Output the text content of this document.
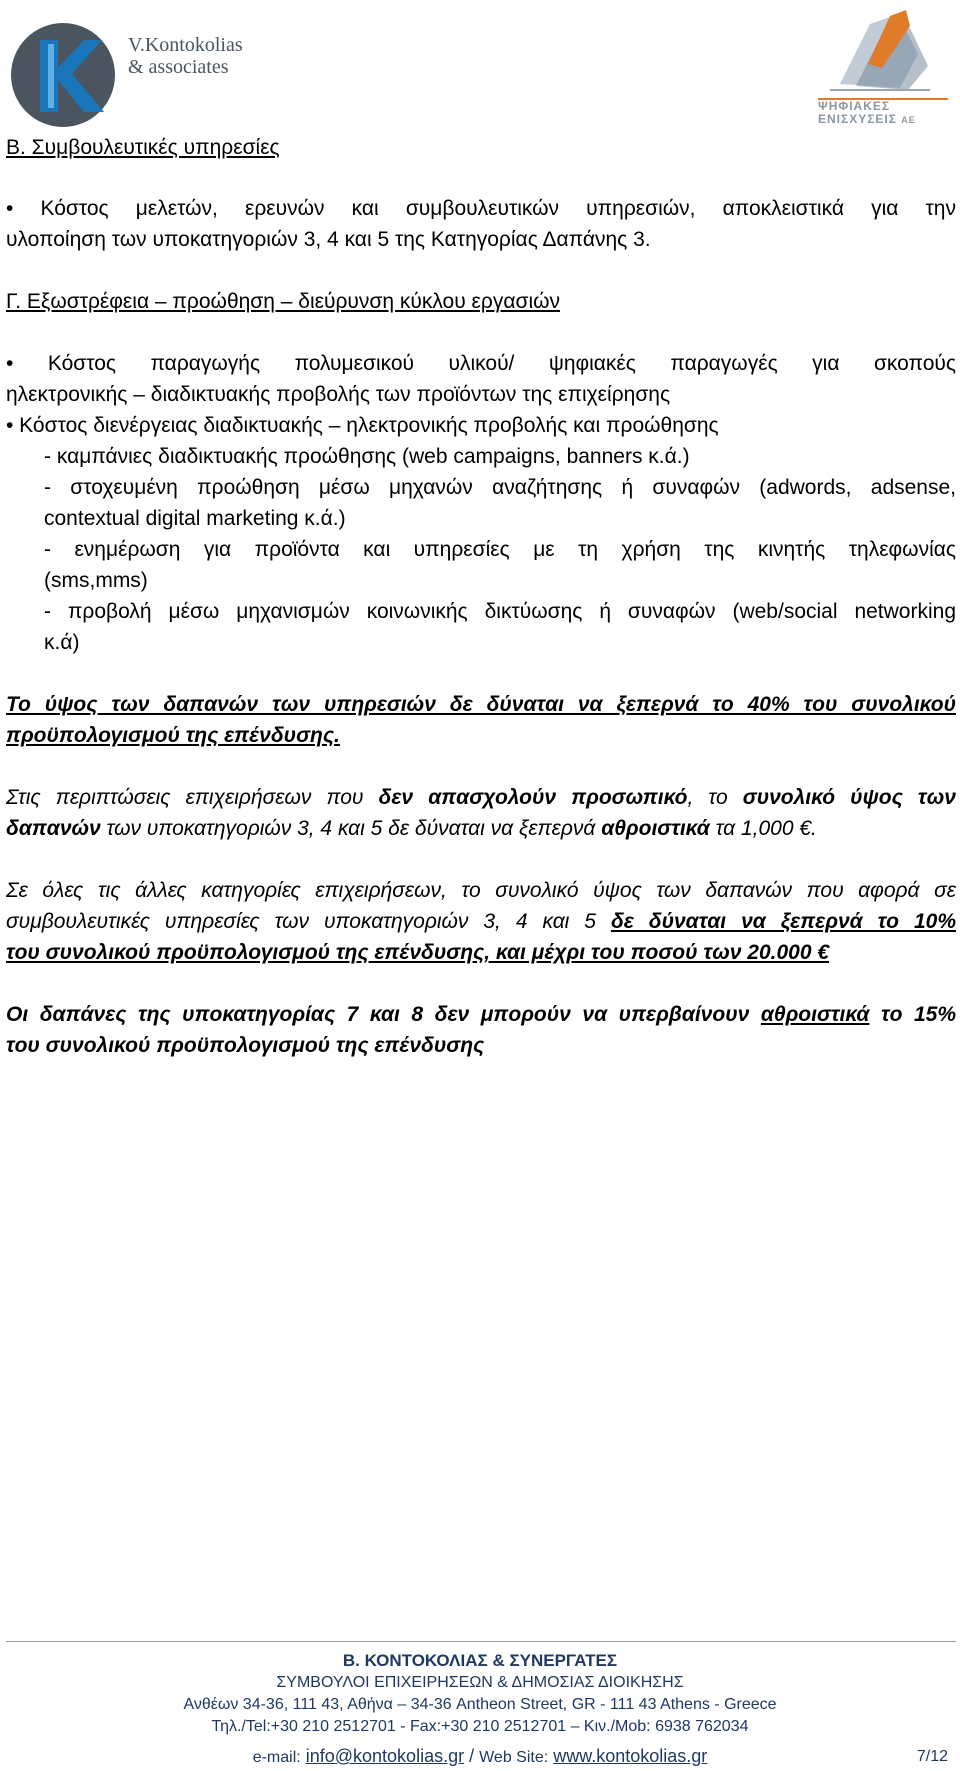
V.Kontokolias
& associates
ΨΗΦΙΑΚΕΣ ΕΝΙΣΧΥΣΕΙΣ ΑΕ
Β. Συμβουλευτικές υπηρεσίες
• Κόστος μελετών, ερευνών και συμβουλευτικών υπηρεσιών, αποκλειστικά για την
υλοποίηση των υποκατηγοριών 3, 4 και 5 της Κατηγορίας Δαπάνης 3.
Γ. Εξωστρέφεια – προώθηση – διεύρυνση κύκλου εργασιών
• Κόστος παραγωγής πολυμεσικού υλικού/ ψηφιακές παραγωγές για σκοπούς
ηλεκτρονικής – διαδικτυακής προβολής των προϊόντων της επιχείρησης
• Κόστος διενέργειας διαδικτυακής – ηλεκτρονικής προβολής και προώθησης
- καμπάνιες διαδικτυακής προώθησης (web campaigns, banners κ.ά.)
- στοχευμένη προώθηση μέσω μηχανών αναζήτησης ή συναφών (adwords, adsense,
contextual digital marketing κ.ά.)
- ενημέρωση για προϊόντα και υπηρεσίες με τη χρήση της κινητής τηλεφωνίας
(sms,mms)
- προβολή μέσω μηχανισμών κοινωνικής δικτύωσης ή συναφών (web/social networking
κ.ά)
Το ύψος των δαπανών των υπηρεσιών δε δύναται να ξεπερνά το 40% του συνολικού
προϋπολογισμού της επένδυσης.
Στις περιπτώσεις επιχειρήσεων που δεν απασχολούν προσωπικό, το συνολικό ύψος των
δαπανών των υποκατηγοριών 3, 4 και 5 δε δύναται να ξεπερνά αθροιστικά τα 1,000 €.
Σε όλες τις άλλες κατηγορίες επιχειρήσεων, το συνολικό ύψος των δαπανών που αφορά σε
συμβουλευτικές υπηρεσίες των υποκατηγοριών 3, 4 και 5 δε δύναται να ξεπερνά το 10%
του συνολικού προϋπολογισμού της επένδυσης, και μέχρι του ποσού των 20.000 €
Οι δαπάνες της υποκατηγορίας 7 και 8 δεν μπορούν να υπερβαίνουν αθροιστικά το 15%
του συνολικού προϋπολογισμού της επένδυσης
Β. ΚΟΝΤΟΚΟΛΙΑΣ & ΣΥΝΕΡΓΑΤΕΣ
ΣΥΜΒΟΥΛΟΙ ΕΠΙΧΕΙΡΗΣΕΩΝ & ΔΗΜΟΣΙΑΣ ΔΙΟΙΚΗΣΗΣ
Ανθέων 34-36, 111 43, Αθήνα – 34-36 Antheon Street, GR - 111 43 Athens - Greece
Τηλ./Tel:+30 210 2512701 - Fax:+30 210 2512701 – Κιν./Mob: 6938 762034
e-mail: info@kontokolias.gr / Web Site: www.kontokolias.gr	7/12
